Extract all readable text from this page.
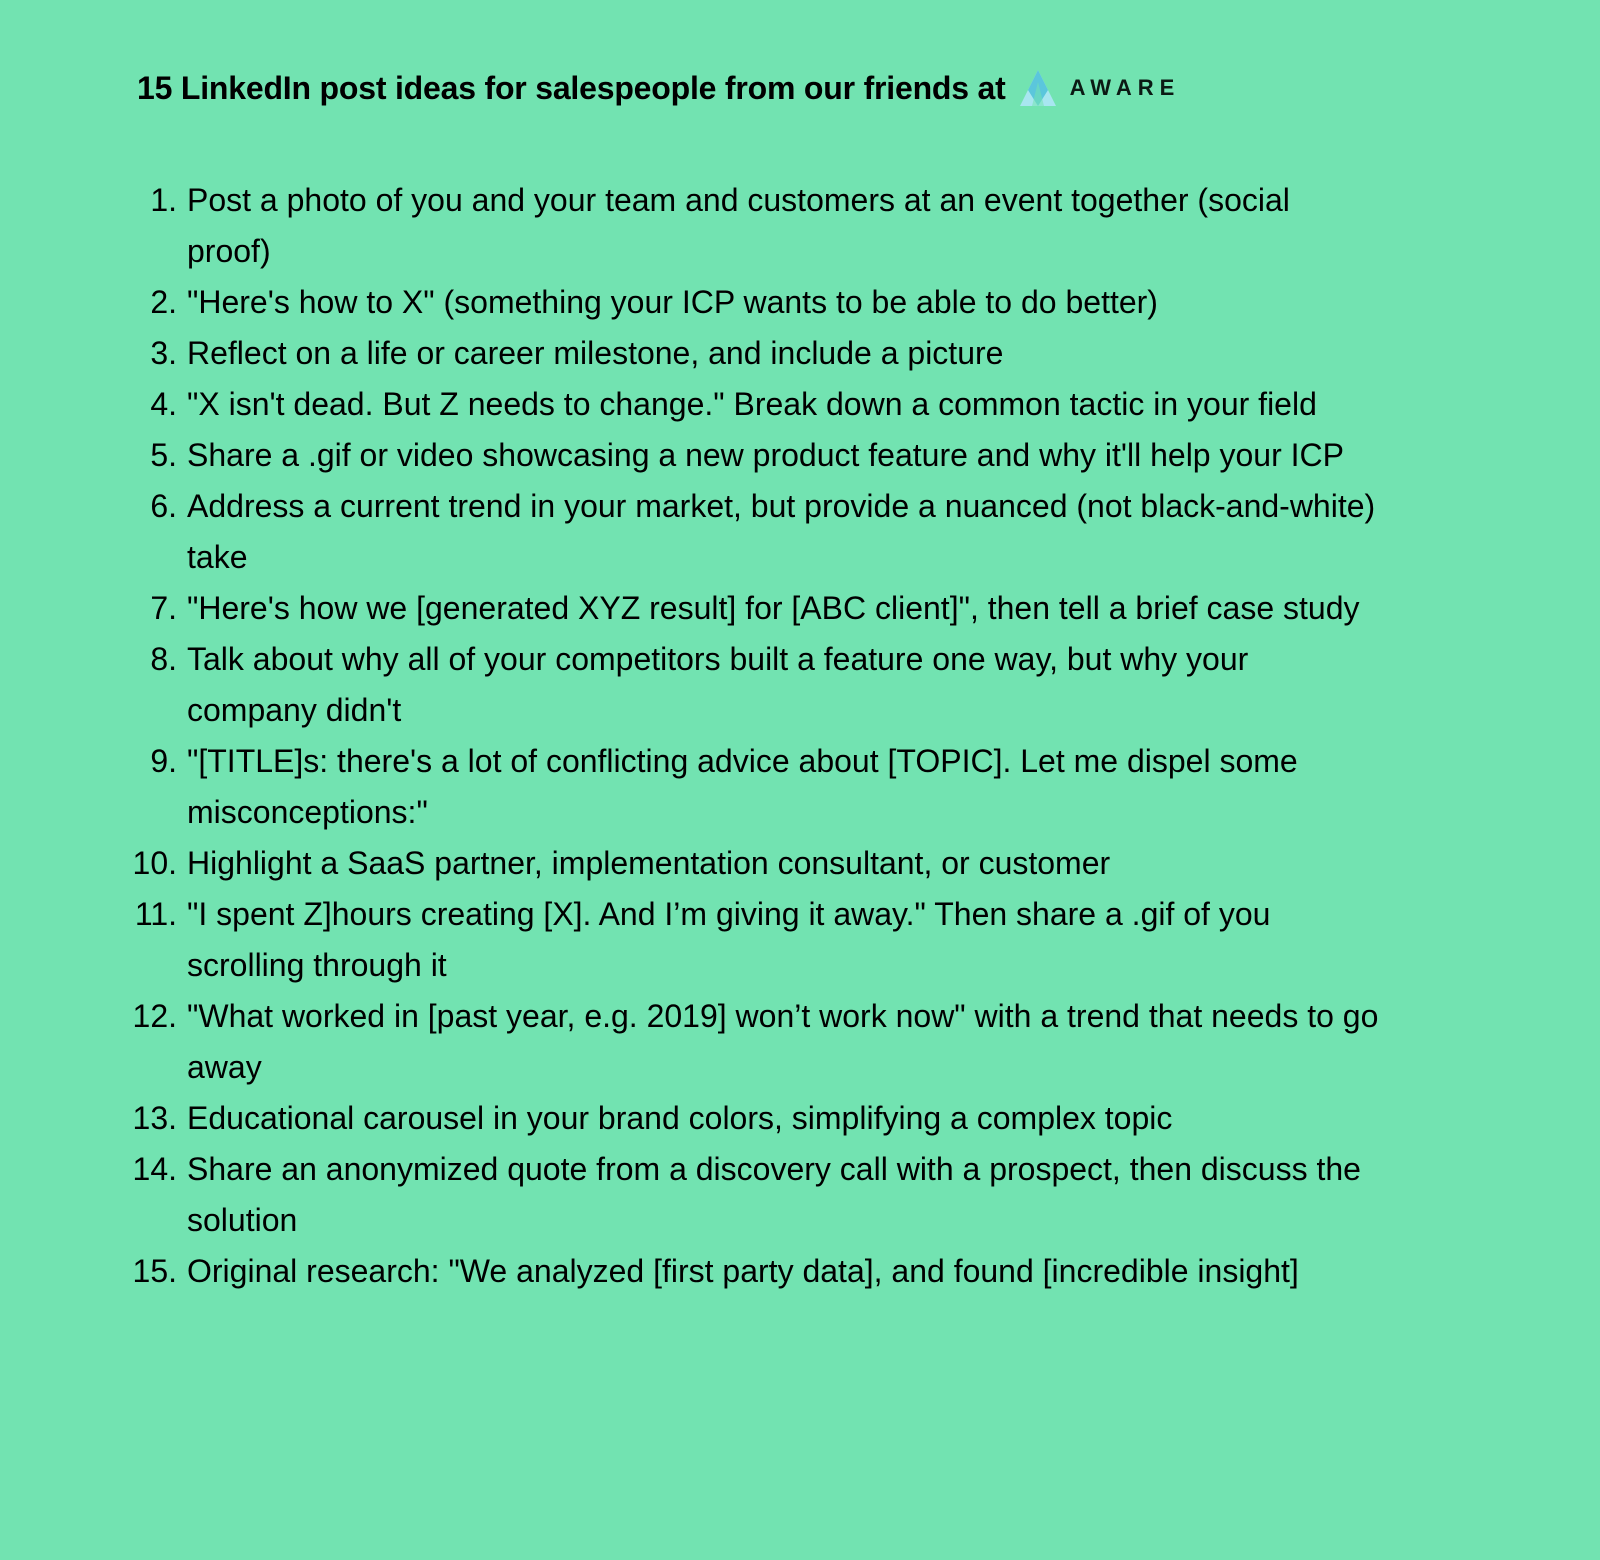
15 LinkedIn post ideas for salespeople from our friends at	AWARE
1. Post a photo of you and your team and customers at an event together (social proof)
2. "Here's how to X" (something your ICP wants to be able to do better)
3. Reflect on a life or career milestone, and include a picture
4. "X isn't dead. But Z needs to change." Break down a common tactic in your field
5. Share a .gif or video showcasing a new product feature and why it'll help your ICP
6. Address a current trend in your market, but provide a nuanced (not black-and-white) take
7. "Here's how we [generated XYZ result] for [ABC client]", then tell a brief case study
8. Talk about why all of your competitors built a feature one way, but why your company didn't
9. "[TITLE]s: there's a lot of conflicting advice about [TOPIC]. Let me dispel some misconceptions:"
10. Highlight a SaaS partner, implementation consultant, or customer
11. "I spent Z]hours creating [X]. And I’m giving it away." Then share a .gif of you scrolling through it
12. "What worked in [past year, e.g. 2019] won’t work now" with a trend that needs to go away
13. Educational carousel in your brand colors, simplifying a complex topic
14. Share an anonymized quote from a discovery call with a prospect, then discuss the solution
15. Original research: "We analyzed [first party data], and found [incredible insight]
